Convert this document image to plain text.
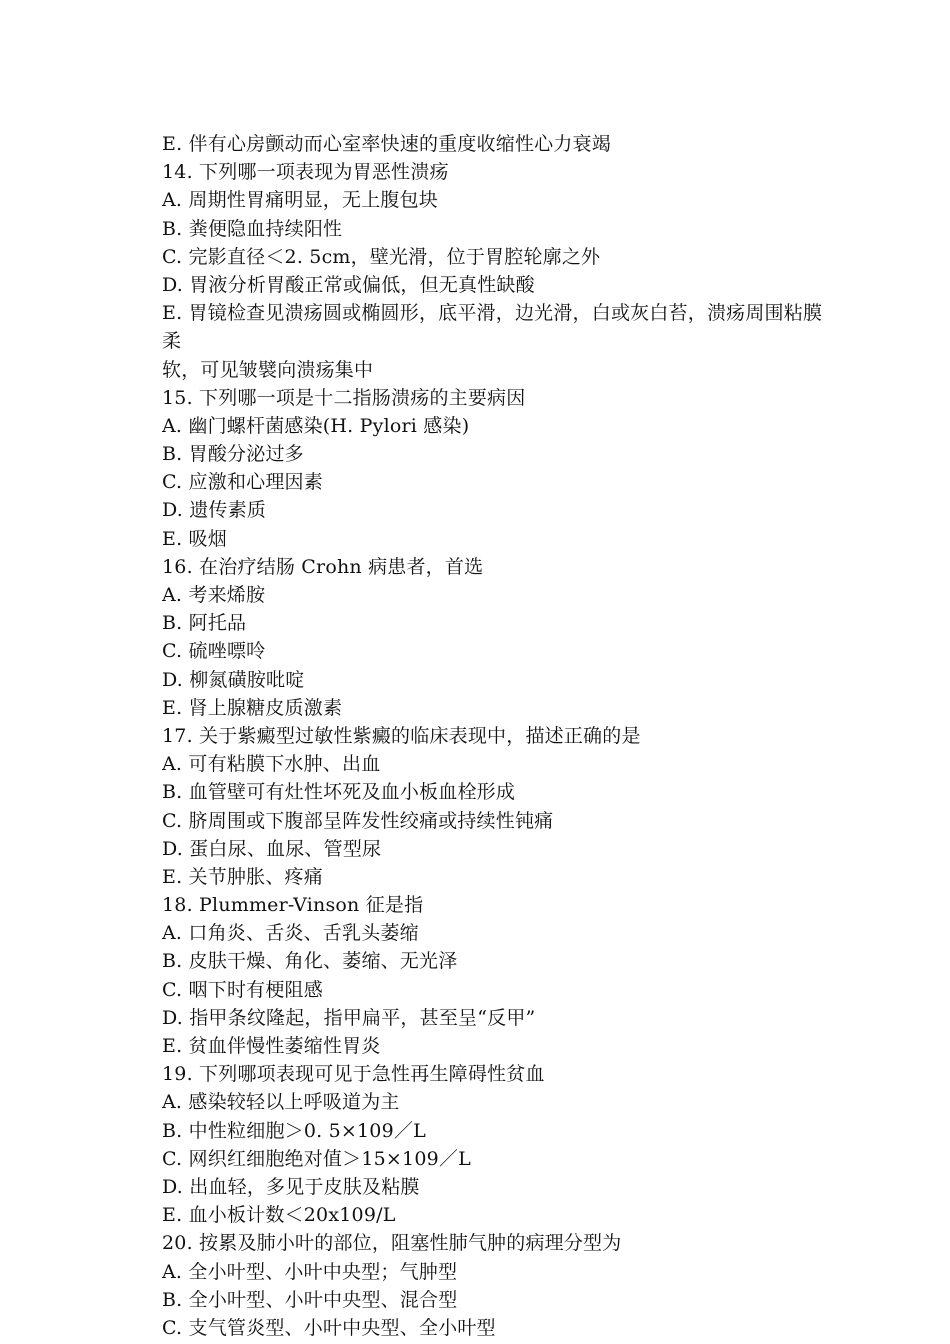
E. 伴有心房颤动而心室率快速的重度收缩性心力衰竭
14. 下列哪一项表现为胃恶性溃疡
A. 周期性胃痛明显，无上腹包块
B. 粪便隐血持续阳性
C. 完影直径＜2. 5cm，壁光滑，位于胃腔轮廓之外
D. 胃液分析胃酸正常或偏低，但无真性缺酸
E. 胃镜检查见溃疡圆或椭圆形，底平滑，边光滑，白或灰白苔，溃疡周围粘膜
柔
软，可见皱襞向溃疡集中
15. 下列哪一项是十二指肠溃疡的主要病因
A. 幽门螺杆菌感染(H. Pylori 感染)
B. 胃酸分泌过多
C. 应激和心理因素
D. 遗传素质
E. 吸烟
16. 在治疗结肠 Crohn 病患者，首选
A. 考来烯胺
B. 阿托品
C. 硫唑嘌呤
D. 柳氮磺胺吡啶
E. 肾上腺糖皮质激素
17. 关于紫癜型过敏性紫癜的临床表现中，描述正确的是
A. 可有粘膜下水肿、出血
B. 血管壁可有灶性坏死及血小板血栓形成
C. 脐周围或下腹部呈阵发性绞痛或持续性钝痛
D. 蛋白尿、血尿、管型尿
E. 关节肿胀、疼痛
18. Plummer-Vinson 征是指
A. 口角炎、舌炎、舌乳头萎缩
B. 皮肤干燥、角化、萎缩、无光泽
C. 咽下时有梗阻感
D. 指甲条纹隆起，指甲扁平，甚至呈“反甲”
E. 贫血伴慢性萎缩性胃炎
19. 下列哪项表现可见于急性再生障碍性贫血
A. 感染较轻以上呼吸道为主
B. 中性粒细胞＞0. 5×109／L
C. 网织红细胞绝对值＞15×109／L
D. 出血轻，多见于皮肤及粘膜
E. 血小板计数＜20x109/L
20. 按累及肺小叶的部位，阻塞性肺气肿的病理分型为
A. 全小叶型、小叶中央型；气肿型
B. 全小叶型、小叶中央型、混合型
C. 支气管炎型、小叶中央型、全小叶型
